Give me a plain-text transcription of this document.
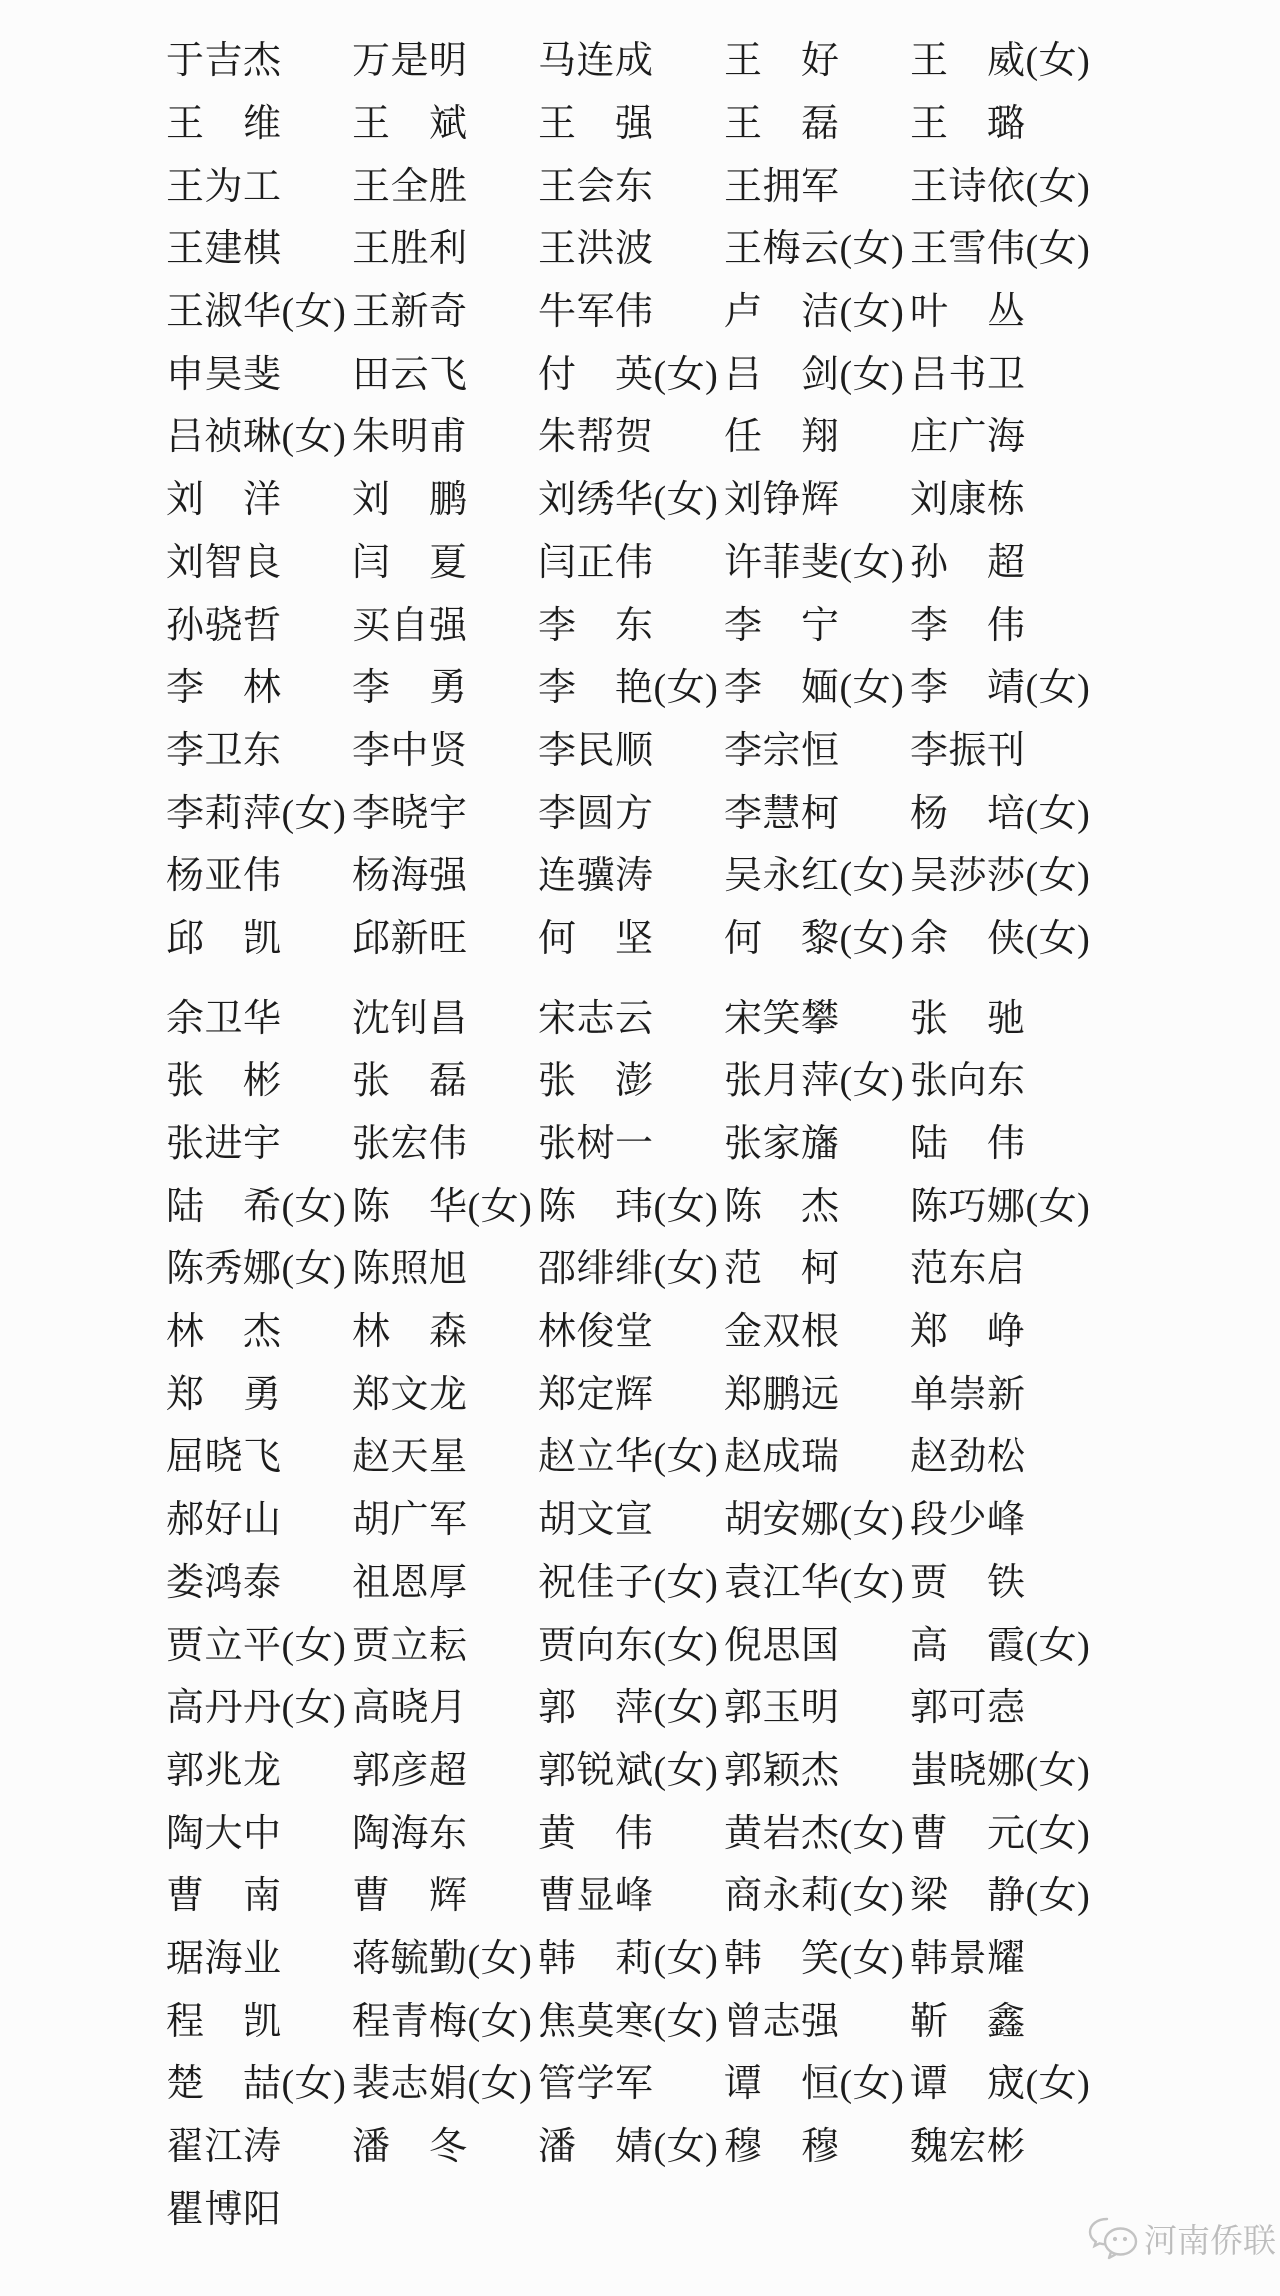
于吉杰	万是明	马连成	王　好	王　威(女)
王　维	王　斌	王　强	王　磊	王　璐
王为工	王全胜	王会东	王拥军	王诗依(女)
王建棋	王胜利	王洪波	王梅云(女) 王雪伟(女)
王淑华(女) 王新奇	牛军伟	卢　洁(女) 叶　丛
申昊斐	田云飞	付　英(女) 吕　剑(女) 吕书卫
吕祯琳(女) 朱明甫	朱帮贺	任　翔	庄广海
刘　洋	刘　鹏	刘绣华(女) 刘铮辉	刘康栋
刘智良	闫　夏	闫正伟	许菲斐(女) 孙　超
孙骁哲	买自强	李　东	李　宁	李　伟
李　林	李　勇	李　艳(女) 李　媔(女) 李　靖(女)
李卫东	李中贤	李民顺	李宗恒	李振刊
李莉萍(女) 李晓宇	李圆方	李慧柯	杨　培(女)
杨亚伟	杨海强	连骥涛	吴永红(女) 吴莎莎(女)
邱　凯	邱新旺	何　坚	何　黎(女) 余　侠(女)
余卫华	沈钊昌	宋志云	宋笑攀	张　驰
张　彬	张　磊	张　澎	张月萍(女) 张向东
张进宇	张宏伟	张树一	张家旛	陆　伟
陆　希(女) 陈　华(女) 陈　玮(女) 陈　杰	陈巧娜(女)
陈秀娜(女) 陈照旭	邵绯绯(女) 范　柯	范东启
林　杰	林　森	林俊堂	金双根	郑　峥
郑　勇	郑文龙	郑定辉	郑鹏远	单崇新
屈晓飞	赵天星	赵立华(女) 赵成瑞	赵劲松
郝好山	胡广军	胡文宣	胡安娜(女) 段少峰
娄鸿泰	祖恩厚	祝佳子(女) 袁江华(女) 贾　铁
贾立平(女) 贾立耘	贾向东(女) 倪思国	高　霞(女)
高丹丹(女) 高晓月	郭　萍(女) 郭玉明	郭可悫
郭兆龙	郭彦超	郭锐斌(女) 郭颖杰	蚩晓娜(女)
陶大中	陶海东	黄　伟	黄岩杰(女) 曹　元(女)
曹　南	曹　辉	曹显峰	商永莉(女) 梁　静(女)
琚海业	蒋毓勤(女) 韩　莉(女) 韩　笑(女) 韩景耀
程　凯	程青梅(女) 焦莫寒(女) 曾志强	靳　鑫
楚　喆(女) 裴志娟(女) 管学军	谭　恒(女) 谭　宬(女)
翟江涛	潘　冬	潘　婧(女) 穆　穆	魏宏彬
瞿博阳
河南侨联
